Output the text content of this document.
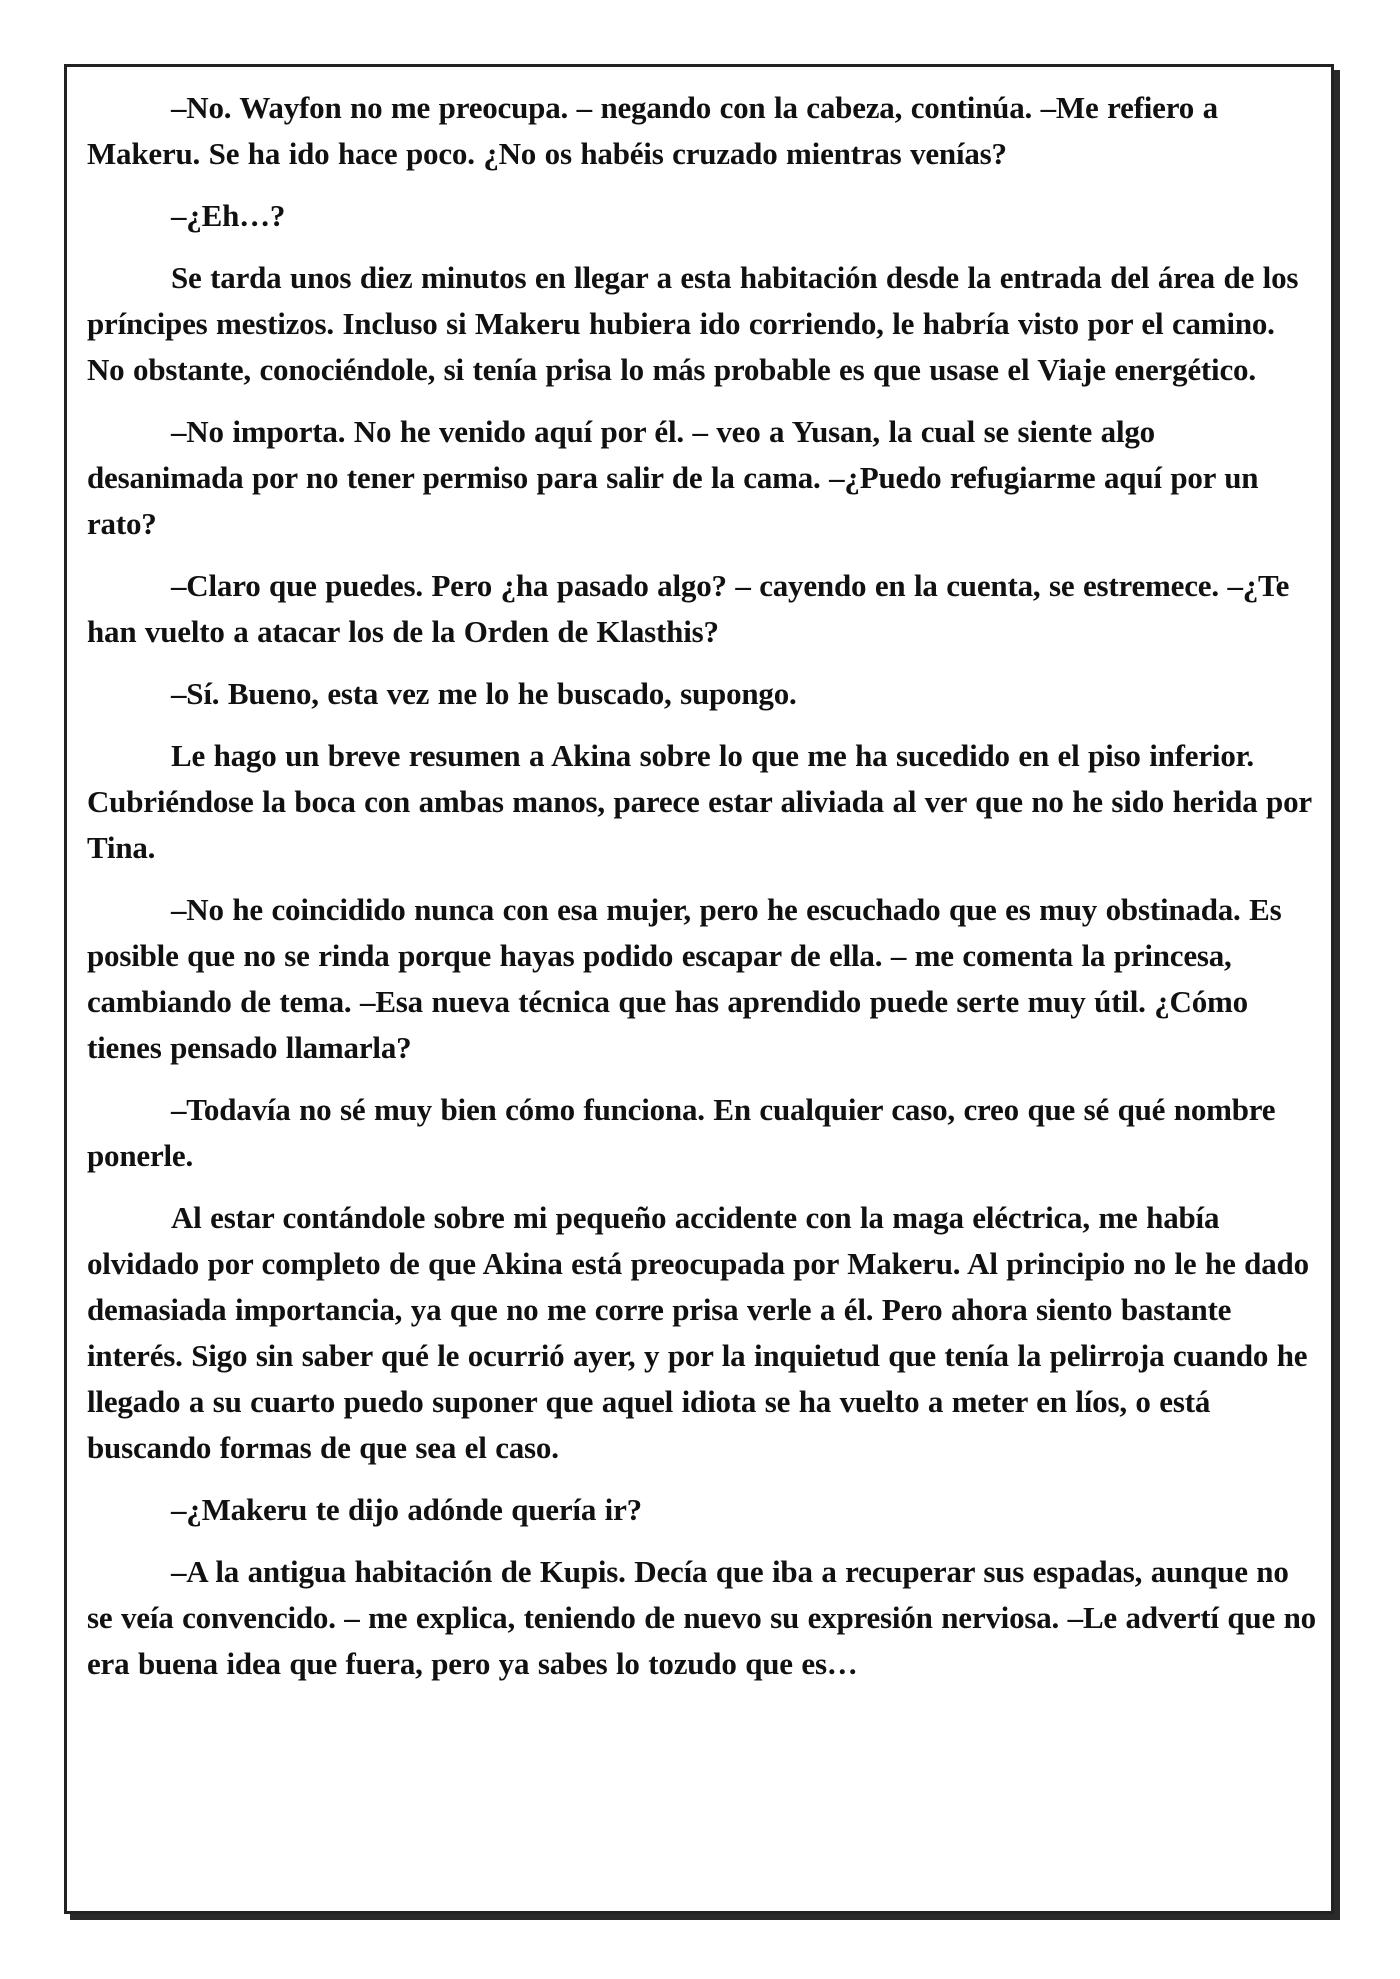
–No. Wayfon no me preocupa. – negando con la cabeza, continúa. –Me refiero a Makeru. Se ha ido hace poco. ¿No os habéis cruzado mientras venías?

–¿Eh…?

Se tarda unos diez minutos en llegar a esta habitación desde la entrada del área de los príncipes mestizos. Incluso si Makeru hubiera ido corriendo, le habría visto por el camino. No obstante, conociéndole, si tenía prisa lo más probable es que usase el Viaje energético.

–No importa. No he venido aquí por él. – veo a Yusan, la cual se siente algo desanimada por no tener permiso para salir de la cama. –¿Puedo refugiarme aquí por un rato?

–Claro que puedes. Pero ¿ha pasado algo? – cayendo en la cuenta, se estremece. –¿Te han vuelto a atacar los de la Orden de Klasthis?

–Sí. Bueno, esta vez me lo he buscado, supongo.

Le hago un breve resumen a Akina sobre lo que me ha sucedido en el piso inferior. Cubriéndose la boca con ambas manos, parece estar aliviada al ver que no he sido herida por Tina.

–No he coincidido nunca con esa mujer, pero he escuchado que es muy obstinada. Es posible que no se rinda porque hayas podido escapar de ella. – me comenta la princesa, cambiando de tema. –Esa nueva técnica que has aprendido puede serte muy útil. ¿Cómo tienes pensado llamarla?

–Todavía no sé muy bien cómo funciona. En cualquier caso, creo que sé qué nombre ponerle.

Al estar contándole sobre mi pequeño accidente con la maga eléctrica, me había olvidado por completo de que Akina está preocupada por Makeru. Al principio no le he dado demasiada importancia, ya que no me corre prisa verle a él. Pero ahora siento bastante interés. Sigo sin saber qué le ocurrió ayer, y por la inquietud que tenía la pelirroja cuando he llegado a su cuarto puedo suponer que aquel idiota se ha vuelto a meter en líos, o está buscando formas de que sea el caso.

–¿Makeru te dijo adónde quería ir?

–A la antigua habitación de Kupis. Decía que iba a recuperar sus espadas, aunque no se veía convencido. – me explica, teniendo de nuevo su expresión nerviosa. –Le advertí que no era buena idea que fuera, pero ya sabes lo tozudo que es…
